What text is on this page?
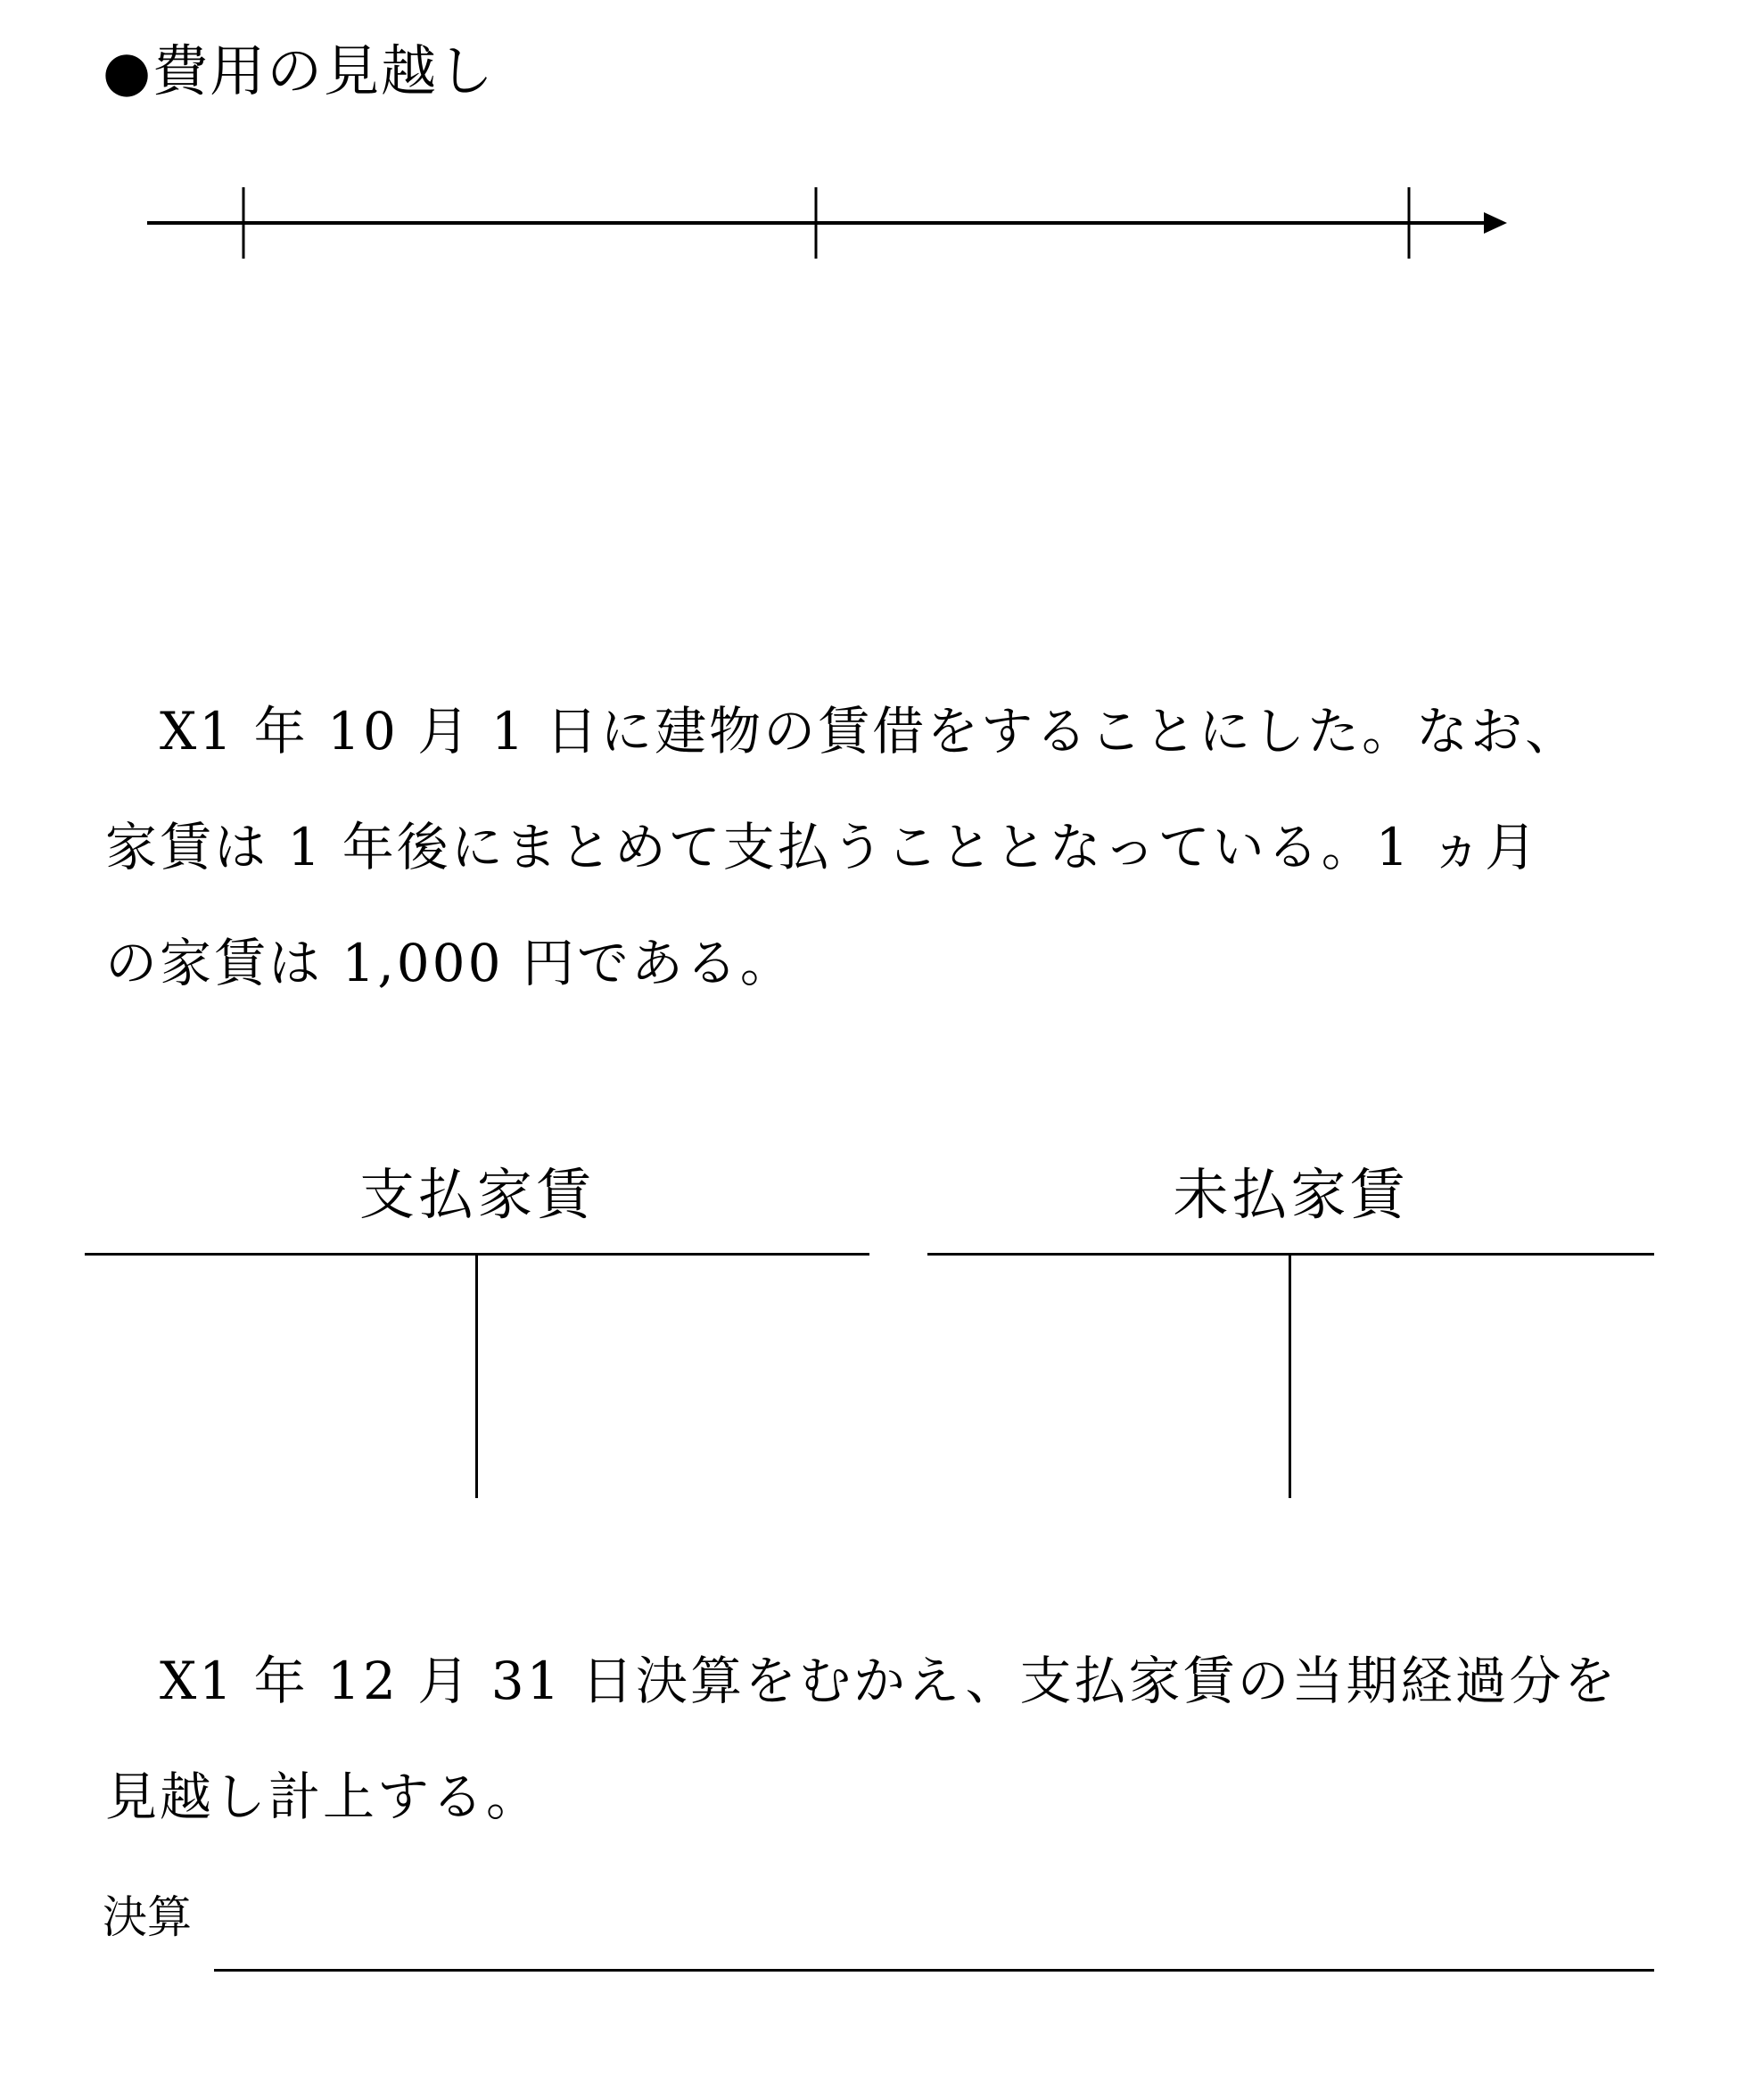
●費用の見越し
　X1 年 10 月 1 日に建物の賃借をすることにした。なお、
家賃は 1 年後にまとめて支払うこととなっている。1 ヵ月
の家賃は 1,000 円である。
支払家賃	未払家賃
　X1 年 12 月 31 日決算をむかえ、支払家賃の当期経過分を
見越し計上する。
決算
